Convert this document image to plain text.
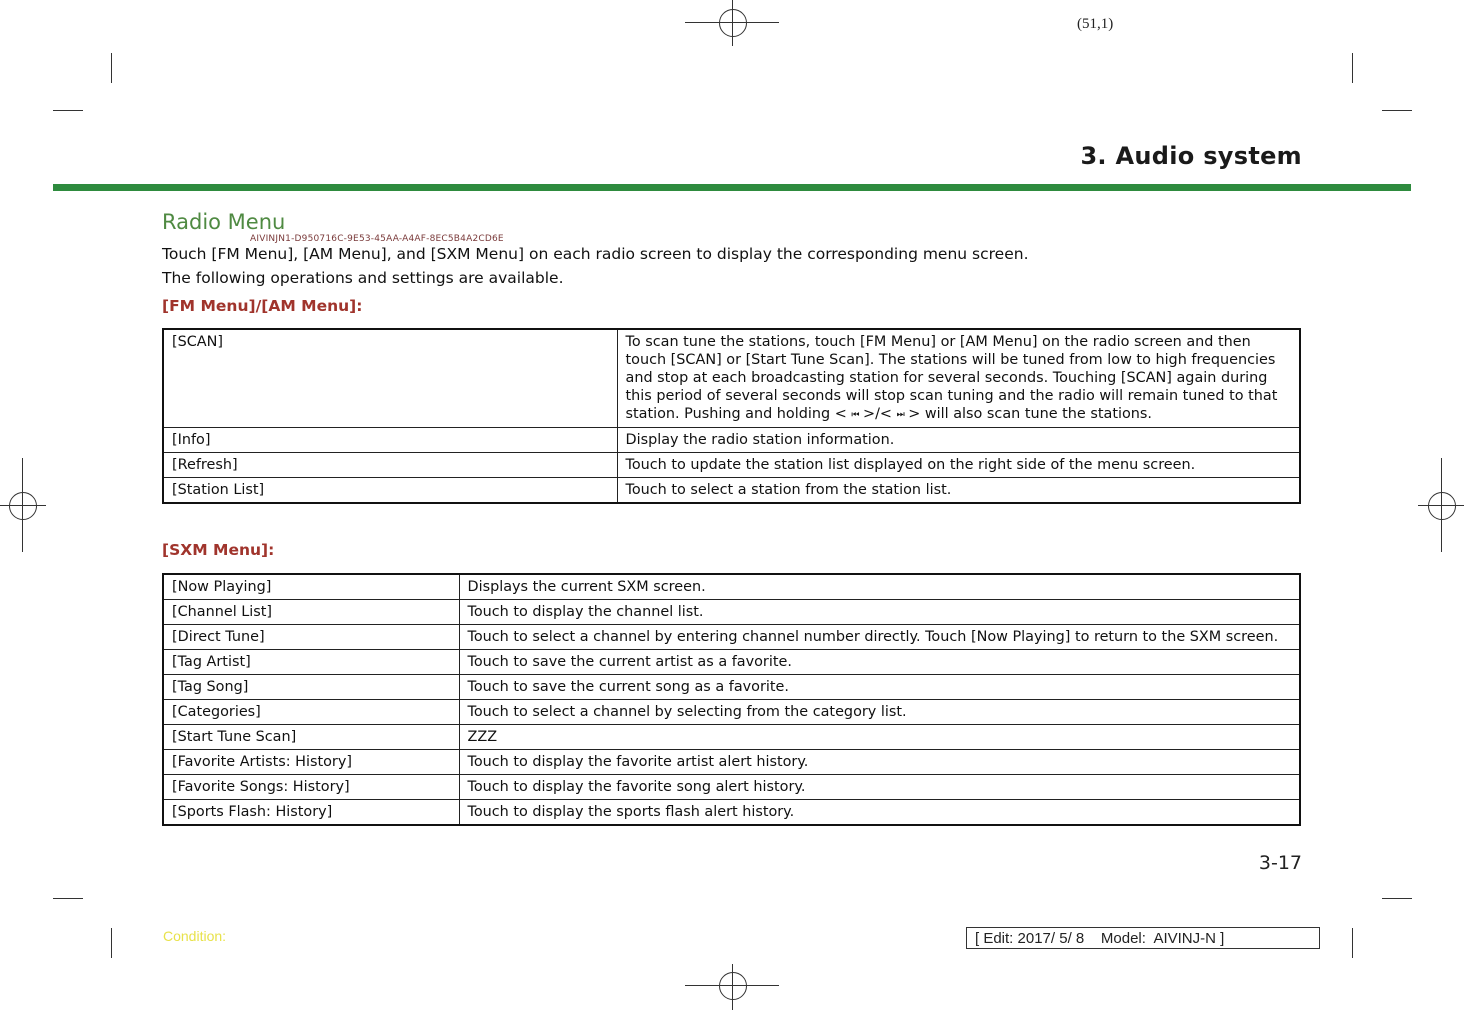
(51,1)
3. Audio system
Radio Menu
AIVINJN1-D950716C-9E53-45AA-A4AF-8EC5B4A2CD6E
Touch [FM Menu], [AM Menu], and [SXM Menu] on each radio screen to display the corresponding menu screen.
The following operations and settings are available.
[FM Menu]/[AM Menu]:
[SCAN]	To scan tune the stations, touch [FM Menu] or [AM Menu] on the radio screen and then touch [SCAN] or [Start Tune Scan]. The stations will be tuned from low to high frequencies and stop at each broadcasting station for several seconds. Touching [SCAN] again during this period of several seconds will stop scan tuning and the radio will remain tuned to that station. Pushing and holding < ⏮ >/< ⏭ > will also scan tune the stations.
[Info]	Display the radio station information.
[Refresh]	Touch to update the station list displayed on the right side of the menu screen.
[Station List]	Touch to select a station from the station list.
[SXM Menu]:
[Now Playing]	Displays the current SXM screen.
[Channel List]	Touch to display the channel list.
[Direct Tune]	Touch to select a channel by entering channel number directly. Touch [Now Playing] to return to the SXM screen.
[Tag Artist]	Touch to save the current artist as a favorite.
[Tag Song]	Touch to save the current song as a favorite.
[Categories]	Touch to select a channel by selecting from the category list.
[Start Tune Scan]	ZZZ
[Favorite Artists: History]	Touch to display the favorite artist alert history.
[Favorite Songs: History]	Touch to display the favorite song alert history.
[Sports Flash: History]	Touch to display the sports flash alert history.
3-17
Condition:	[ Edit: 2017/ 5/ 8    Model:  AIVINJ-N ]
